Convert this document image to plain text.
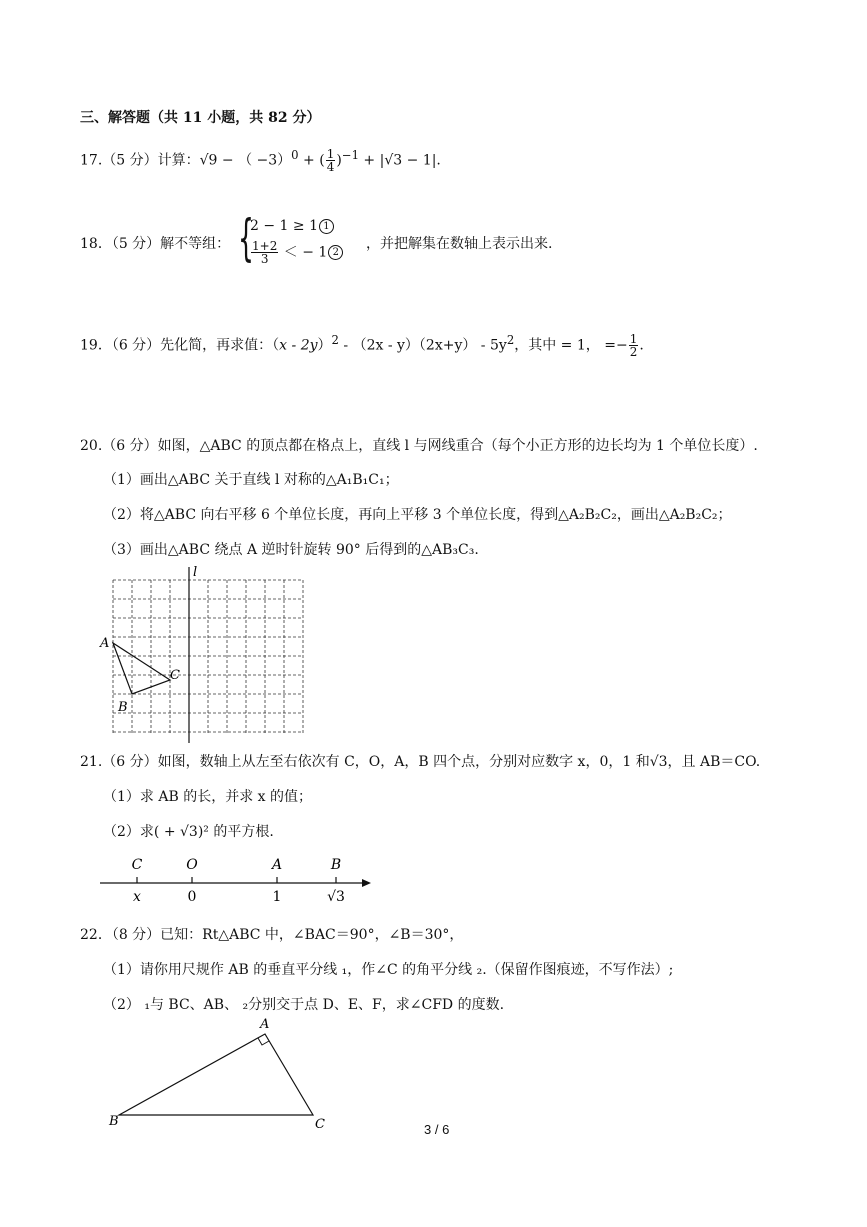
三、解答题（共 11 小题，共 82 分）
17.（5 分）计算：√9 − （ −3）$^0$ + ( $\frac{1}{4} )^{-1} + |√3 - 1|$.
18．（5 分）解不等组： {
2 − 1 ≥ 1 1
$\frac{1+2}{3}$ ＜ − 1 2
，并把解集在数轴上表示出来.
19．（6 分）先化简，再求值：$(x - 2y)^2 - (2x - y)(2x+y) - 5y^2$，其中 = 1， =− $\frac{1}{2}$ .
20.（6 分）如图，△ABC 的顶点都在格点上，直线 l 与网线重合（每个小正方形的边长均为 1 个单位长度）.
（1）画出△ABC 关于直线 l 对称的△A₁B₁C₁；
（2）将△ABC 向右平移 6 个单位长度，再向上平移 3 个单位长度，得到△A₂B₂C₂，画出△A₂B₂C₂；
（3）画出△ABC 绕点 A 逆时针旋转 90° 后得到的△AB₃C₃.
l
A
B
C
21.（6 分）如图，数轴上从左至右依次有 C，O，A，B 四个点，分别对应数字 x，0，1 和√3，且 AB＝CO.
（1）求 AB 的长，并求 x 的值；
（2）求( + √3)² 的平方根.
C	O	A	B
x	0	1	√3
22．（8 分）已知：Rt△ABC 中，∠BAC＝90°，∠B＝30°，
（1）请你用尺规作 AB 的垂直平分线 ₁，作∠C 的角平分线 ₂.（保留作图痕迹，不写作法）;
（2） ₁与 BC、AB、 ₂分别交于点 D、E、F，求∠CFD 的度数.
A
B	C	3 / 6
